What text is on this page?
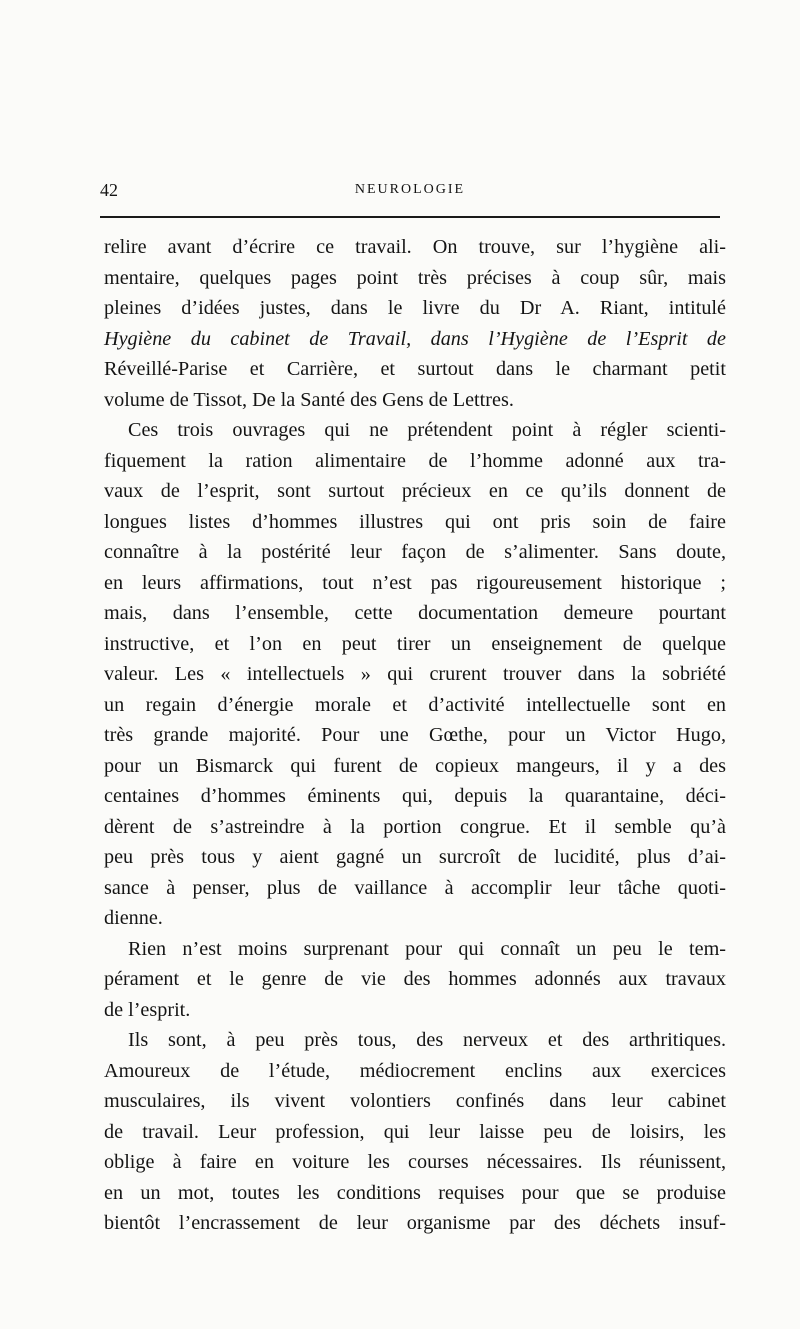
42	NEUROLOGIE
relire avant d’écrire ce travail. On trouve, sur l’hygiène ali-
mentaire, quelques pages point très précises à coup sûr, mais
pleines d’idées justes, dans le livre du Dr A. Riant, intitulé
Hygiène du cabinet de Travail, dans l’Hygiène de l’Esprit de
Réveillé-Parise et Carrière, et surtout dans le charmant petit
volume de Tissot, De la Santé des Gens de Lettres.
Ces trois ouvrages qui ne prétendent point à régler scienti-
fiquement la ration alimentaire de l’homme adonné aux tra-
vaux de l’esprit, sont surtout précieux en ce qu’ils donnent de
longues listes d’hommes illustres qui ont pris soin de faire
connaître à la postérité leur façon de s’alimenter. Sans doute,
en leurs affirmations, tout n’est pas rigoureusement historique ;
mais, dans l’ensemble, cette documentation demeure pourtant
instructive, et l’on en peut tirer un enseignement de quelque
valeur. Les « intellectuels » qui crurent trouver dans la sobriété
un regain d’énergie morale et d’activité intellectuelle sont en
très grande majorité. Pour une Gœthe, pour un Victor Hugo,
pour un Bismarck qui furent de copieux mangeurs, il y a des
centaines d’hommes éminents qui, depuis la quarantaine, déci-
dèrent de s’astreindre à la portion congrue. Et il semble qu’à
peu près tous y aient gagné un surcroît de lucidité, plus d’ai-
sance à penser, plus de vaillance à accomplir leur tâche quoti-
dienne.
Rien n’est moins surprenant pour qui connaît un peu le tem-
pérament et le genre de vie des hommes adonnés aux travaux
de l’esprit.
Ils sont, à peu près tous, des nerveux et des arthritiques.
Amoureux de l’étude, médiocrement enclins aux exercices
musculaires, ils vivent volontiers confinés dans leur cabinet
de travail. Leur profession, qui leur laisse peu de loisirs, les
oblige à faire en voiture les courses nécessaires. Ils réunissent,
en un mot, toutes les conditions requises pour que se produise
bientôt l’encrassement de leur organisme par des déchets insuf-
